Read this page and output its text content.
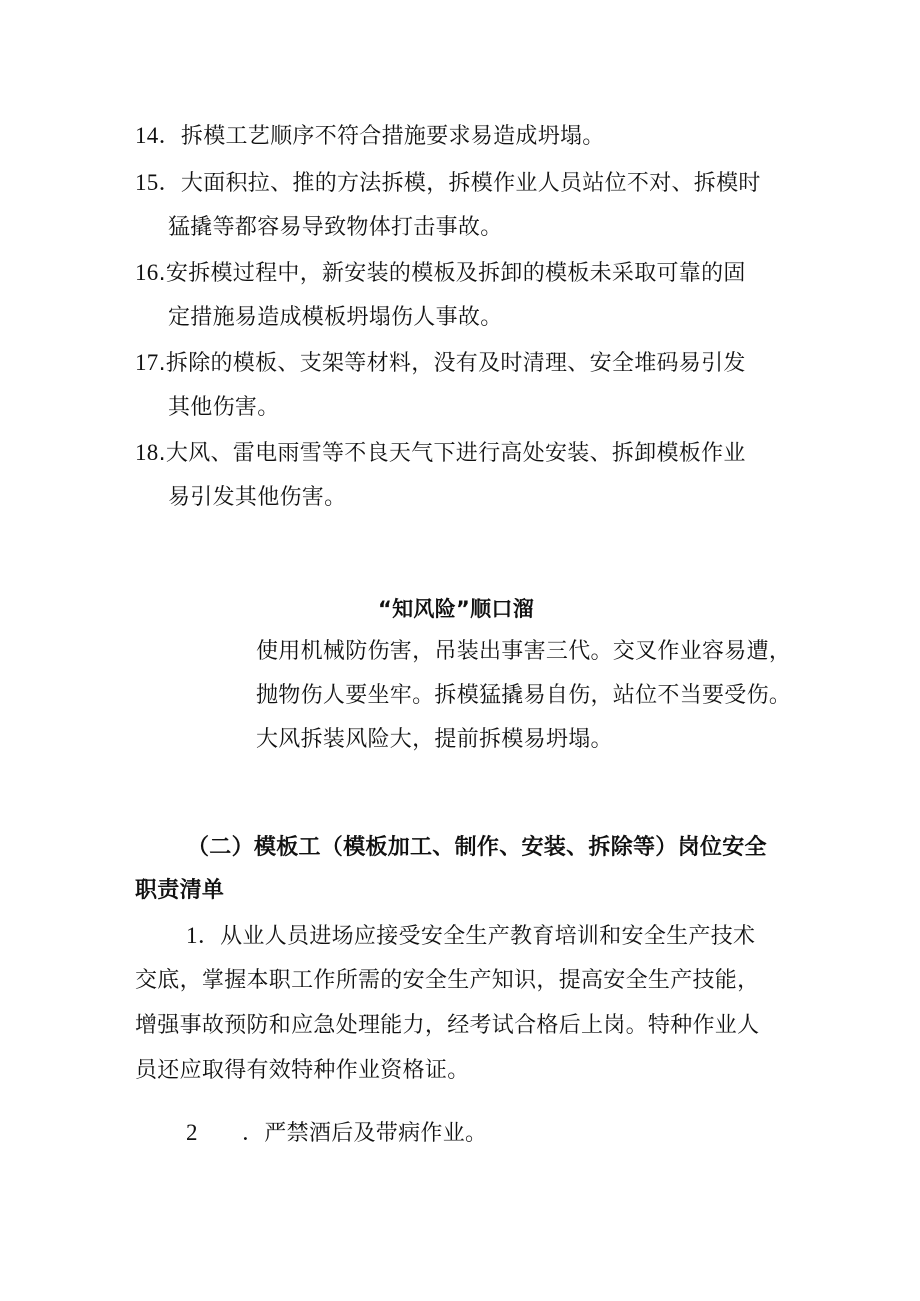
14．拆模工艺顺序不符合措施要求易造成坍塌。
15．大面积拉、推的方法拆模，拆模作业人员站位不对、拆模时
猛撬等都容易导致物体打击事故。
16.安拆模过程中，新安装的模板及拆卸的模板未采取可靠的固
定措施易造成模板坍塌伤人事故。
17.拆除的模板、支架等材料，没有及时清理、安全堆码易引发
其他伤害。
18.大风、雷电雨雪等不良天气下进行高处安装、拆卸模板作业
易引发其他伤害。
“知风险”顺口溜
使用机械防伤害，吊装出事害三代。交叉作业容易遭，
抛物伤人要坐牢。拆模猛撬易自伤，站位不当要受伤。
大风拆装风险大，提前拆模易坍塌。
（二）模板工（模板加工、制作、安装、拆除等）岗位安全
职责清单
1．从业人员进场应接受安全生产教育培训和安全生产技术
交底，掌握本职工作所需的安全生产知识，提高安全生产技能，
增强事故预防和应急处理能力，经考试合格后上岗。特种作业人
员还应取得有效特种作业资格证。
2 ．严禁酒后及带病作业。
